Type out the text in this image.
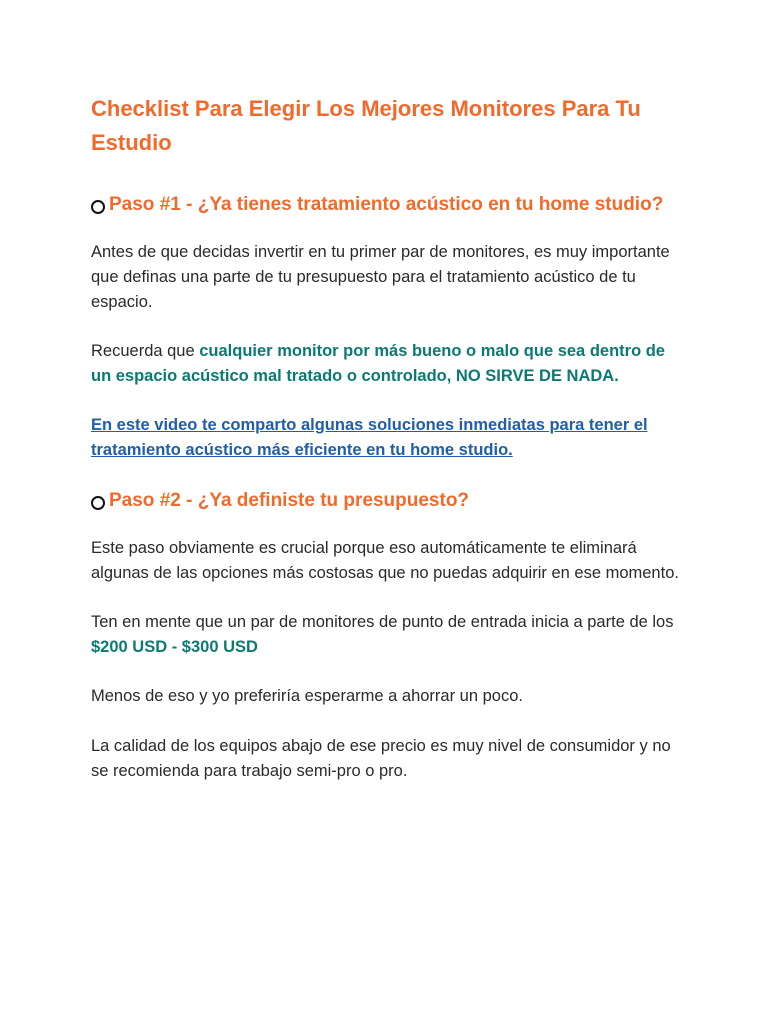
Checklist Para Elegir Los Mejores Monitores Para Tu Estudio
Paso #1 - ¿Ya tienes tratamiento acústico en tu home studio?

Antes de que decidas invertir en tu primer par de monitores, es muy importante que definas una parte de tu presupuesto para el tratamiento acústico de tu espacio.

Recuerda que cualquier monitor por más bueno o malo que sea dentro de un espacio acústico mal tratado o controlado, NO SIRVE DE NADA.

En este video te comparto algunas soluciones inmediatas para tener el tratamiento acústico más eficiente en tu home studio.

Paso #2 - ¿Ya definiste tu presupuesto?

Este paso obviamente es crucial porque eso automáticamente te eliminará algunas de las opciones más costosas que no puedas adquirir en ese momento.

Ten en mente que un par de monitores de punto de entrada inicia a parte de los $200 USD - $300 USD

Menos de eso y yo preferiría esperarme a ahorrar un poco.

La calidad de los equipos abajo de ese precio es muy nivel de consumidor y no se recomienda para trabajo semi-pro o pro.
